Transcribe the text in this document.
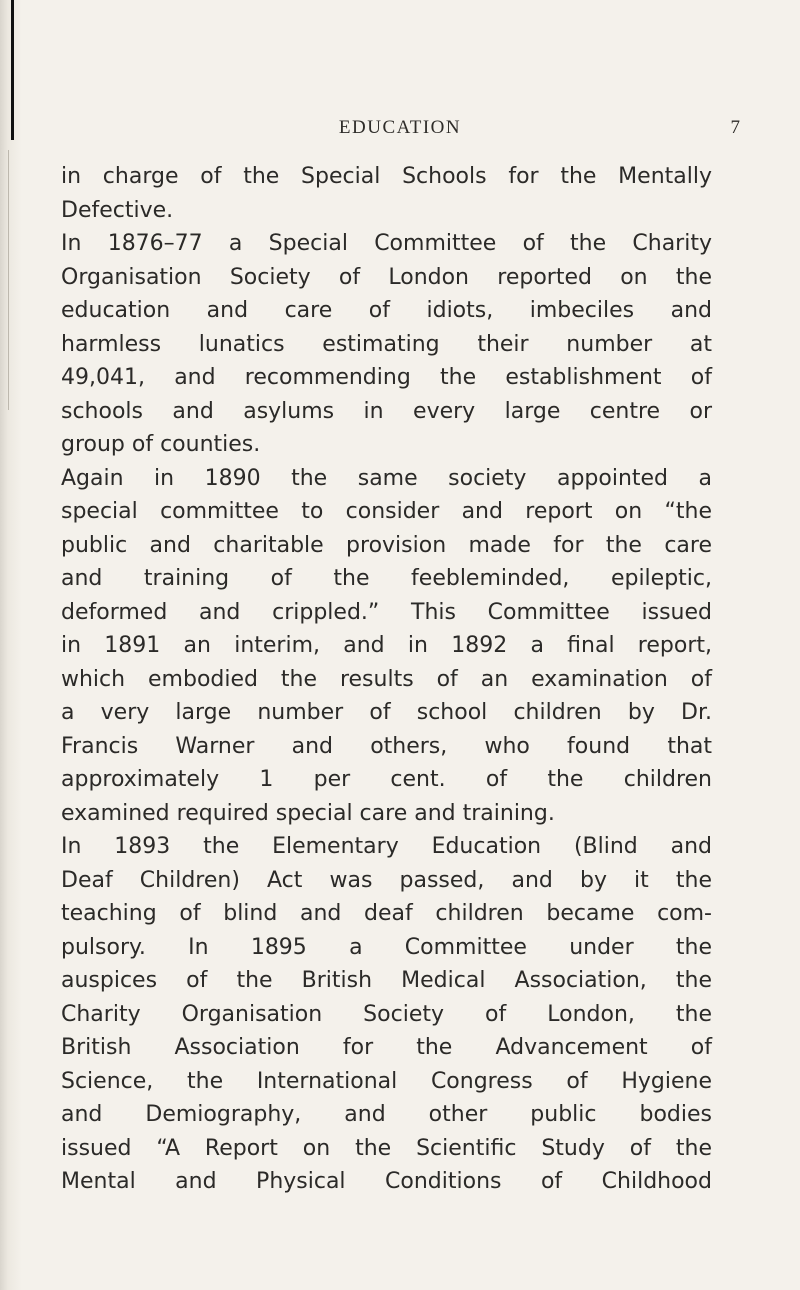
EDUCATION	7
in charge of the Special Schools for the Mentally
Defective.
In 1876–77 a Special Committee of the Charity
Organisation Society of London reported on the
education and care of idiots, imbeciles and
harmless lunatics estimating their number at
49,041, and recommending the establishment of
schools and asylums in every large centre or
group of counties.
Again in 1890 the same society appointed a
special committee to consider and report on “the
public and charitable provision made for the care
and training of the feebleminded, epileptic,
deformed and crippled.” This Committee issued
in 1891 an interim, and in 1892 a final report,
which embodied the results of an examination of
a very large number of school children by Dr.
Francis Warner and others, who found that
approximately 1 per cent. of the children
examined required special care and training.
In 1893 the Elementary Education (Blind and
Deaf Children) Act was passed, and by it the
teaching of blind and deaf children became com-
pulsory. In 1895 a Committee under the
auspices of the British Medical Association, the
Charity Organisation Society of London, the
British Association for the Advancement of
Science, the International Congress of Hygiene
and Demiography, and other public bodies
issued “A Report on the Scientific Study of the
Mental and Physical Conditions of Childhood
